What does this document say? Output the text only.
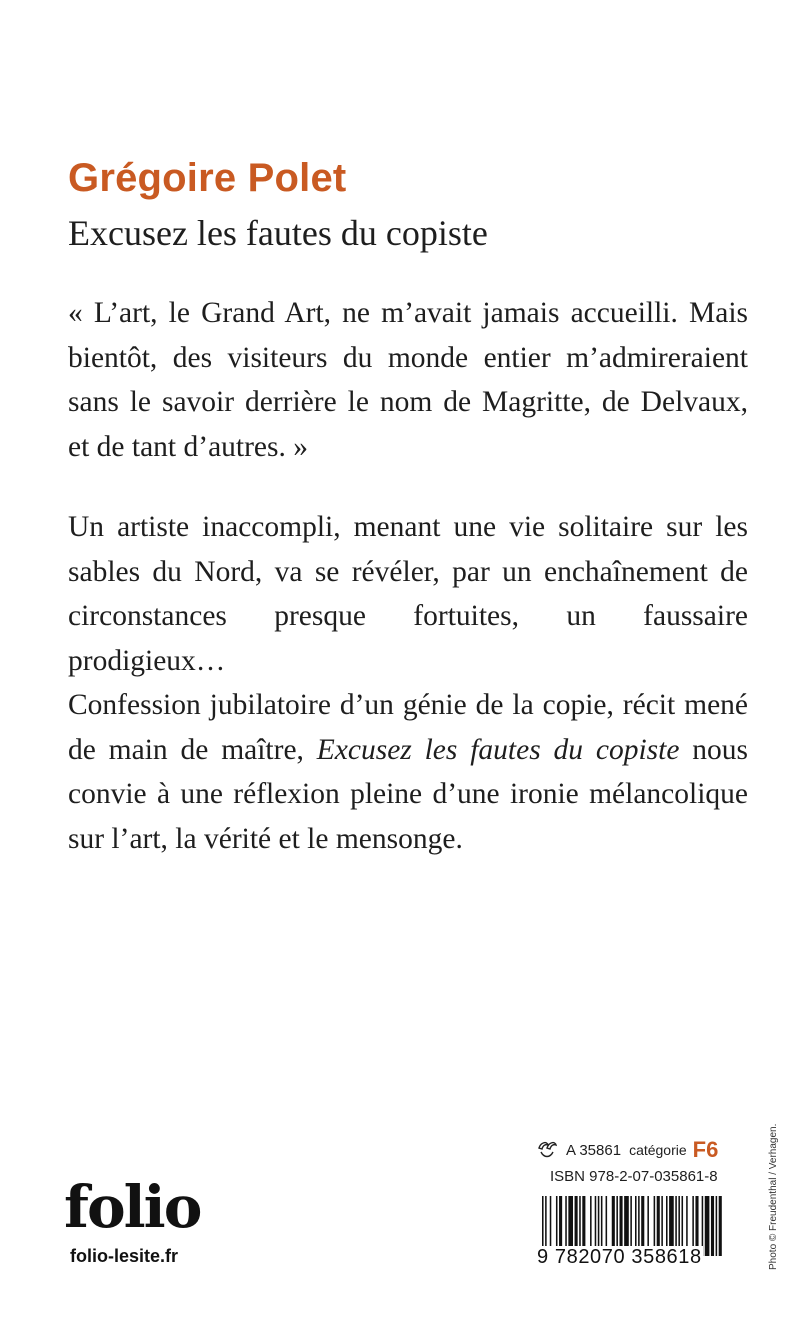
Grégoire Polet
Excusez les fautes du copiste
« L’art, le Grand Art, ne m’avait jamais accueilli. Mais
bientôt, des visiteurs du monde entier m’admireraient
sans le savoir derrière le nom de Magritte, de Delvaux,
et de tant d’autres. »
Un artiste inaccompli, menant une vie solitaire sur les
sables du Nord, va se révéler, par un enchaînement de
circonstances presque fortuites, un faussaire prodigieux…
Confession jubilatoire d’un génie de la copie, récit mené
de main de maître, Excusez les fautes du copiste nous
convie à une réflexion pleine d’une ironie mélancolique
sur l’art, la vérité et le mensonge.
A 35861 catégorie F6
ISBN 978-2-07-035861-8
9 782070 358618
folio
folio-lesite.fr	Photo © Freudenthal / Verhagen.
